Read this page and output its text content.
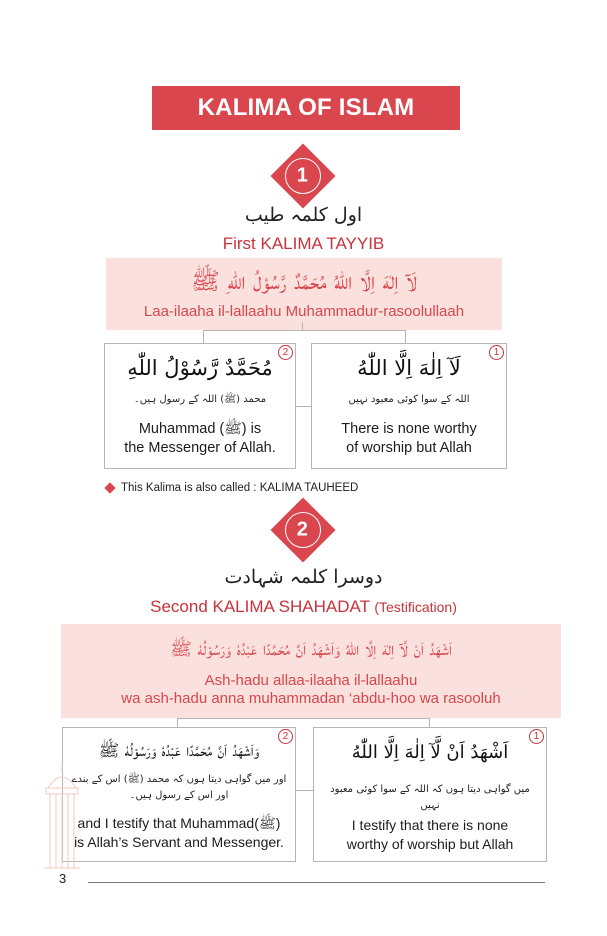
KALIMA OF ISLAM
1
اول کلمہ طیب
First KALIMA TAYYIB
لَآ اِلٰهَ اِلَّا اللّٰهُ مُحَمَّدٌ رَّسُوْلُ اللّٰهِ ﷺ
Laa-ilaaha il-lallaahu Muhammadur-rasoolullaah
2
مُحَمَّدٌ رَّسُوْلُ اللّٰهِ
محمد (ﷺ) اللہ کے رسول ہیں۔
Muhammad (ﷺ) is
the Messenger of Allah.
1
لَآ اِلٰهَ اِلَّا اللّٰهُ
اللہ کے سوا کوئی معبود نہیں
There is none worthy
of worship but Allah
This Kalima is also called : KALIMA TAUHEED
2
دوسرا کلمہ شہادت
Second KALIMA SHAHADAT (Testification)
اَشْهَدُ اَنْ لَّآ اِلٰهَ اِلَّا اللّٰهُ وَاَشْهَدُ اَنَّ مُحَمَّدًا عَبْدُهٗ وَرَسُوْلُهٗ ﷺ
Ash-hadu allaa-ilaaha il-lallaahu
wa ash-hadu anna muhammadan ‘abdu-hoo wa rasooluh
2
وَاَشْهَدُ اَنَّ مُحَمَّدًا عَبْدُهٗ وَرَسُوْلُهٗ ﷺ
اور میں گواہی دیتا ہوں کہ محمد (ﷺ) اس کے بندے
اور اس کے رسول ہیں۔
and I testify that Muhammad(ﷺ)
is Allah’s Servant and Messenger.
1
اَشْهَدُ اَنْ لَّآ اِلٰهَ اِلَّا اللّٰهُ
میں گواہی دیتا ہوں کہ اللہ کے سوا کوئی معبود نہیں
I testify that there is none
worthy of worship but Allah
3
